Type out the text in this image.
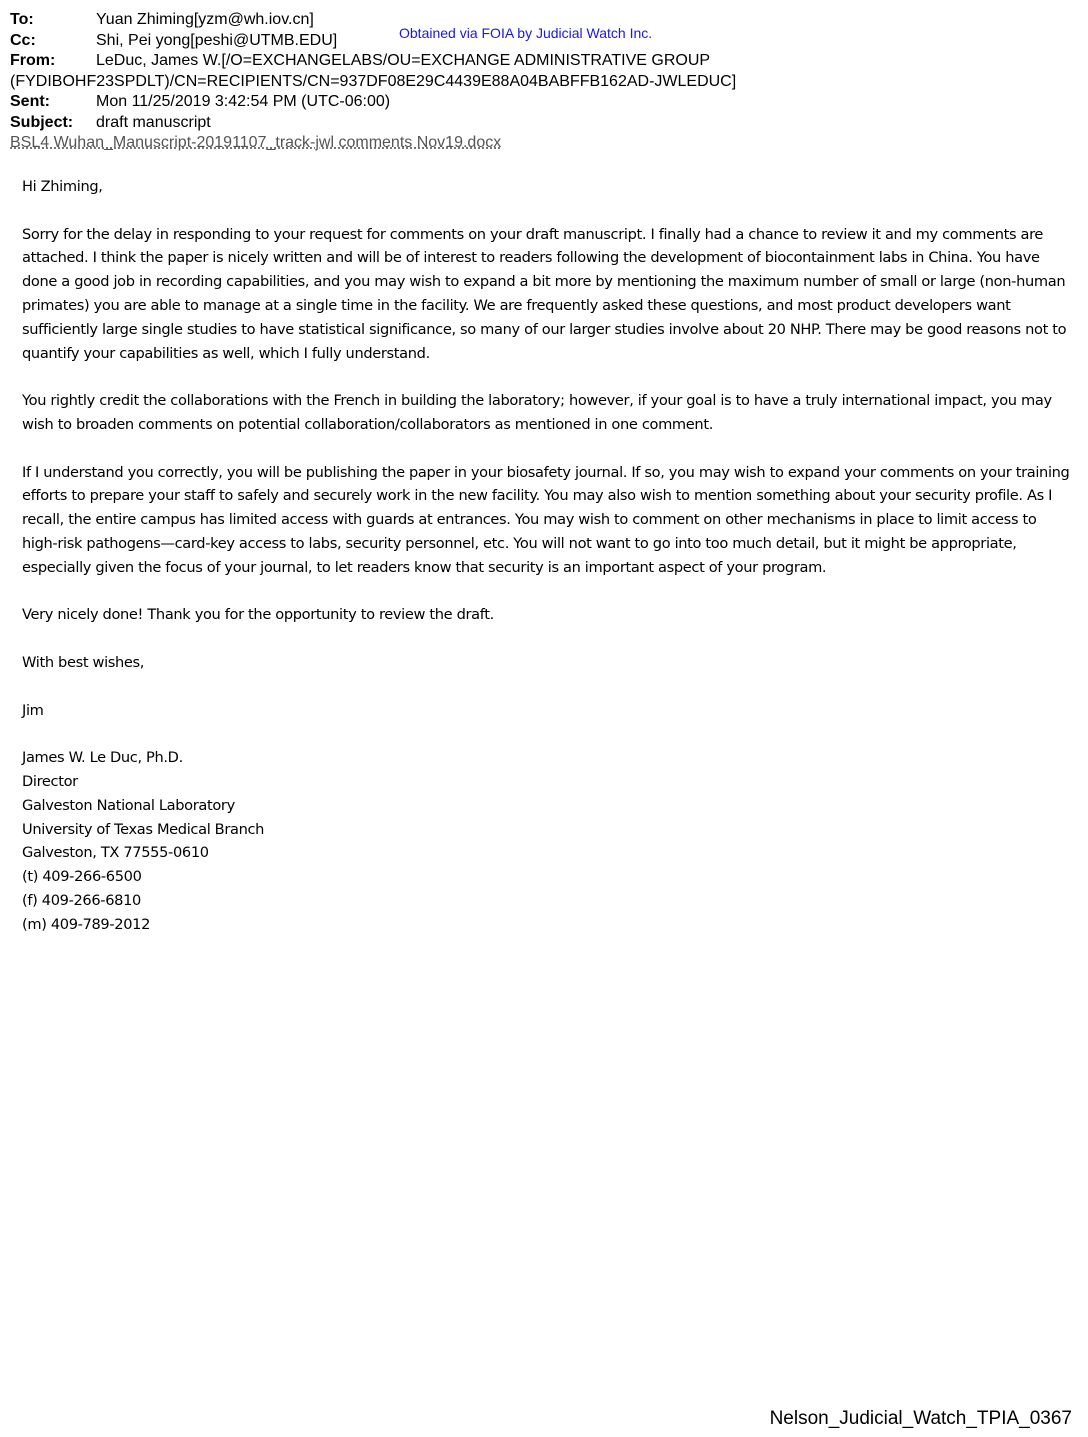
To:	Yuan Zhiming[yzm@wh.iov.cn]
Cc:	Shi, Pei yong[peshi@UTMB.EDU]
From:	LeDuc, James W.[/O=EXCHANGELABS/OU=EXCHANGE ADMINISTRATIVE GROUP
(FYDIBOHF23SPDLT)/CN=RECIPIENTS/CN=937DF08E29C4439E88A04BABFFB162AD-JWLEDUC]
Sent:	Mon 11/25/2019 3:42:54 PM (UTC-06:00)
Subject:	draft manuscript
Obtained via FOIA by Judicial Watch Inc.
BSL4 Wuhan_Manuscript-20191107_track-jwl comments Nov19.docx

Hi Zhiming,

Sorry for the delay in responding to your request for comments on your draft manuscript. I finally had a chance to review it and my comments are attached. I think the paper is nicely written and will be of interest to readers following the development of biocontainment labs in China. You have done a good job in recording capabilities, and you may wish to expand a bit more by mentioning the maximum number of small or large (non-human primates) you are able to manage at a single time in the facility. We are frequently asked these questions, and most product developers want sufficiently large single studies to have statistical significance, so many of our larger studies involve about 20 NHP. There may be good reasons not to quantify your capabilities as well, which I fully understand.

You rightly credit the collaborations with the French in building the laboratory; however, if your goal is to have a truly international impact, you may wish to broaden comments on potential collaboration/collaborators as mentioned in one comment.

If I understand you correctly, you will be publishing the paper in your biosafety journal. If so, you may wish to expand your comments on your training efforts to prepare your staff to safely and securely work in the new facility. You may also wish to mention something about your security profile. As I recall, the entire campus has limited access with guards at entrances. You may wish to comment on other mechanisms in place to limit access to high-risk pathogens—card-key access to labs, security personnel, etc. You will not want to go into too much detail, but it might be appropriate, especially given the focus of your journal, to let readers know that security is an important aspect of your program.

Very nicely done! Thank you for the opportunity to review the draft.

With best wishes,

Jim

James W. Le Duc, Ph.D.

Director

Galveston National Laboratory

University of Texas Medical Branch

Galveston, TX 77555-0610

(t) 409-266-6500

(f) 409-266-6810

(m) 409-789-2012

Nelson_Judicial_Watch_TPIA_0367
